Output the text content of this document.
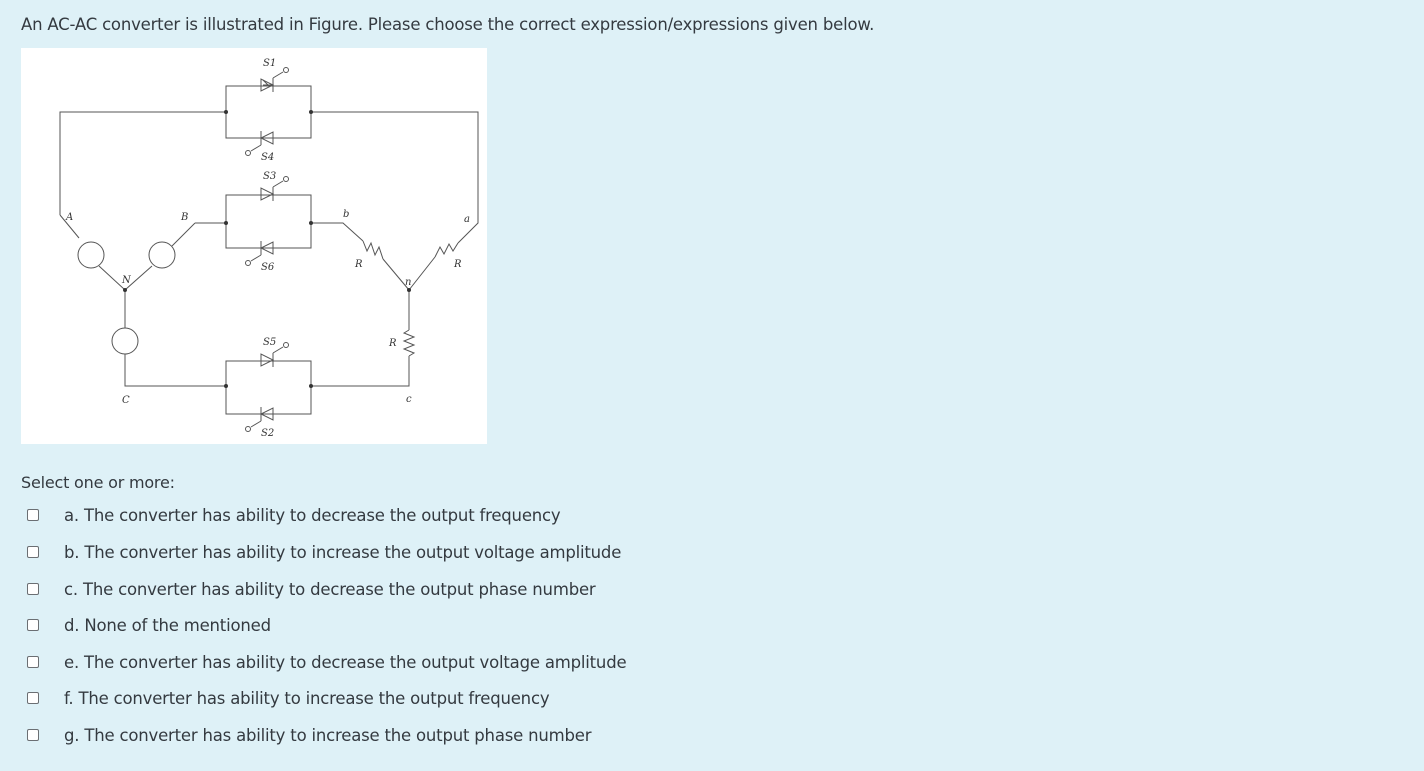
An AC-AC converter is illustrated in Figure. Please choose the correct expression/expressions given below.
S1
S4
S3
S6
S5
S2
A	B
C
N
a
b
c
n
R	R
R
Select one or more:
a. The converter has ability to decrease the output frequency
b. The converter has ability to increase the output voltage amplitude
c. The converter has ability to decrease the output phase number
d. None of the mentioned
e. The converter has ability to decrease the output voltage amplitude
f. The converter has ability to increase the output frequency
g. The converter has ability to increase the output phase number
